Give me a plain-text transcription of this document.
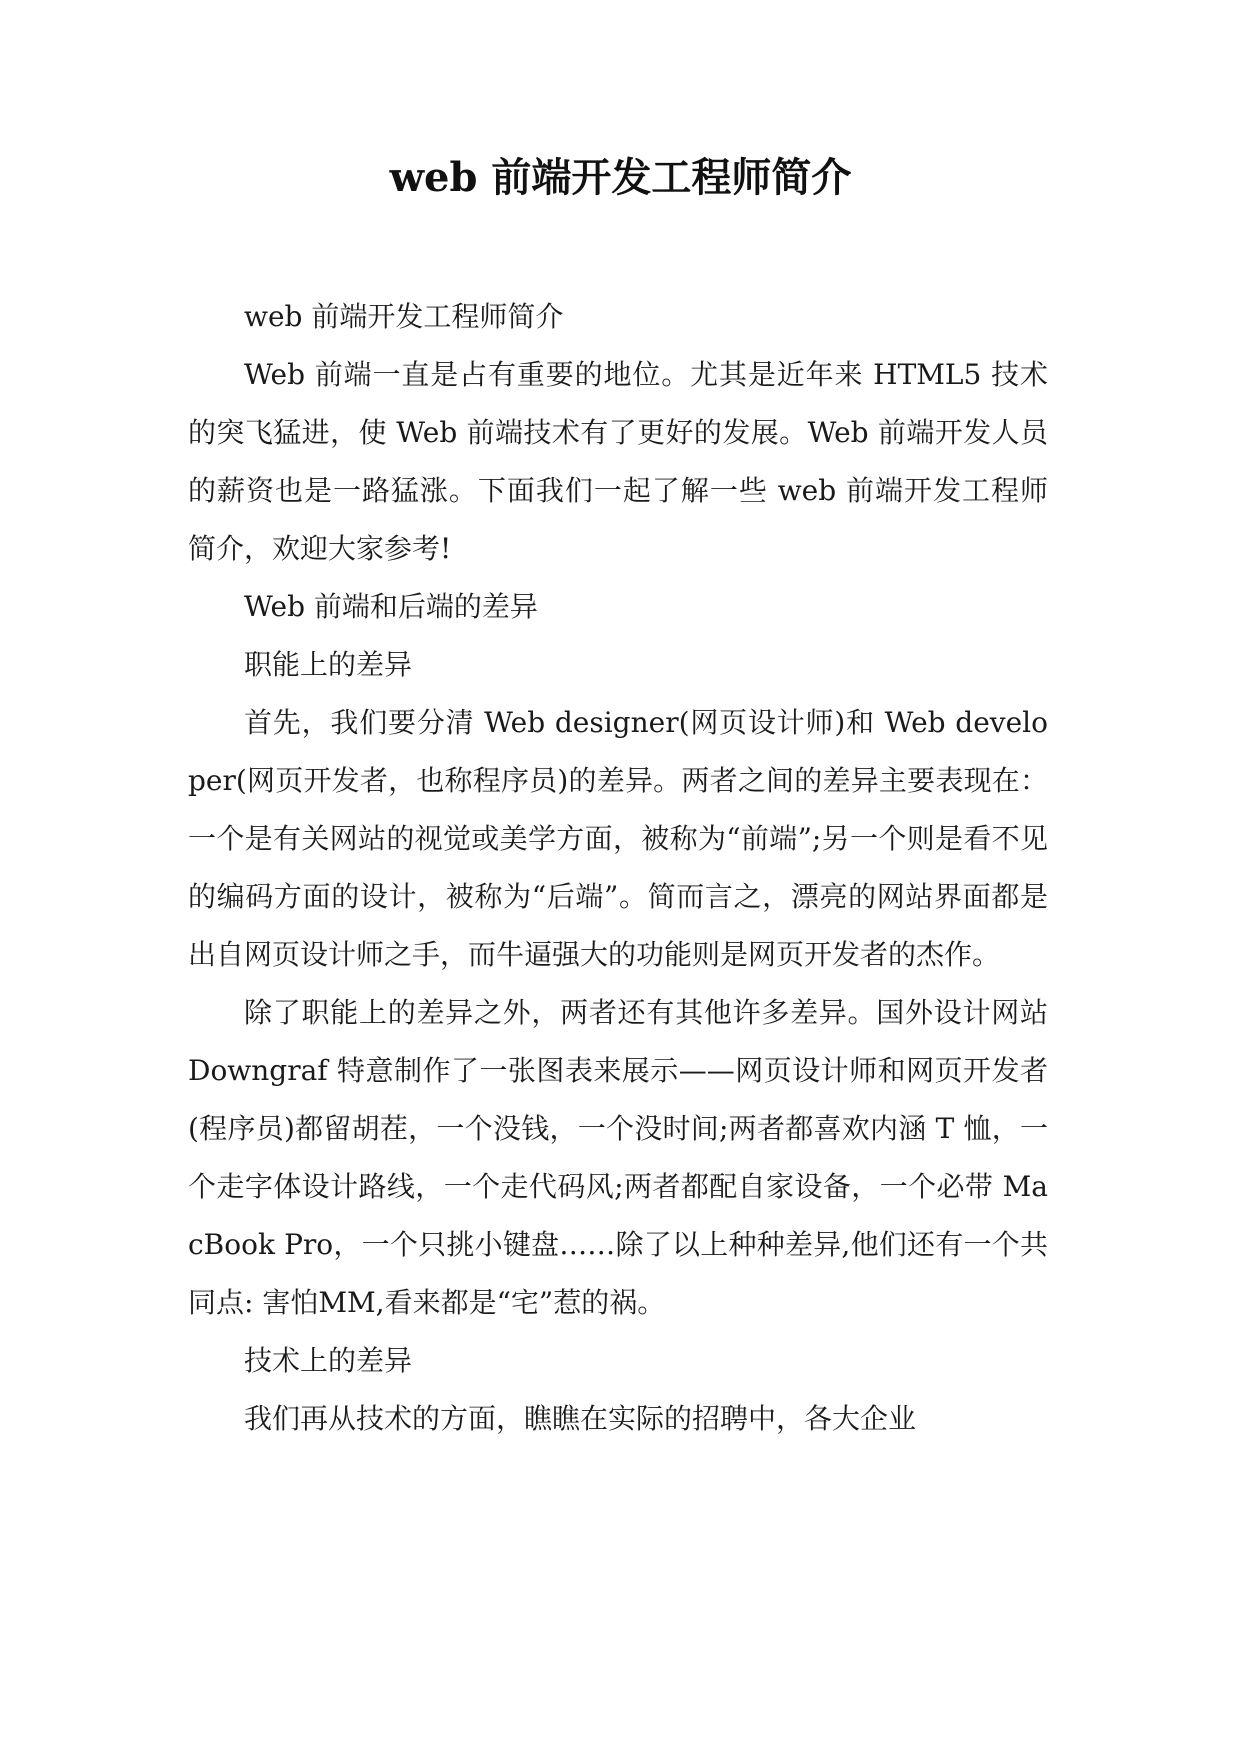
web 前端开发工程师简介

web 前端开发工程师简介

Web 前端一直是占有重要的地位。尤其是近年来 HTML5 技术的突飞猛进，使 Web 前端技术有了更好的发展。Web 前端开发人员的薪资也是一路猛涨。下面我们一起了解一些 web 前端开发工程师简介，欢迎大家参考!

Web 前端和后端的差异

职能上的差异

首先，我们要分清 Web designer(网页设计师)和 Web developer(网页开发者，也称程序员)的差异。两者之间的差异主要表现在：一个是有关网站的视觉或美学方面，被称为“前端”;另一个则是看不见的编码方面的设计，被称为“后端”。简而言之，漂亮的网站界面都是出自网页设计师之手，而牛逼强大的功能则是网页开发者的杰作。

除了职能上的差异之外，两者还有其他许多差异。国外设计网站 Downgraf 特意制作了一张图表来展示——网页设计师和网页开发者(程序员)都留胡茬，一个没钱，一个没时间;两者都喜欢内涵 T 恤，一个走字体设计路线，一个走代码风;两者都配自家设备，一个必带 MacBook Pro，一个只挑小键盘……除了以上种种差异,他们还有一个共同点: 害怕MM,看来都是“宅”惹的祸。

技术上的差异

我们再从技术的方面，瞧瞧在实际的招聘中，各大企业
